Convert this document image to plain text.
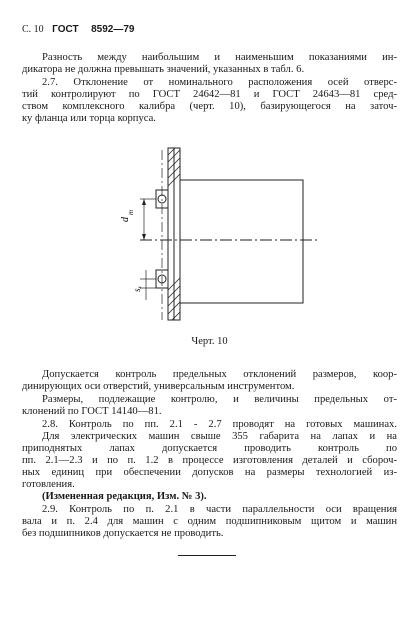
С. 10 ГОСТ 8592—79
Разность между наибольшим и наименьшим показаниями ин-
дикатора не должна превышать значений, указанных в табл. 6.
2.7. Отклонение от номинального расположения осей отверс-
тий контролируют по ГОСТ 24642—81 и ГОСТ 24643—81 сред-
ством комплексного калибра (черт. 10), базирующегося на заточ-
ку фланца или торца корпуса.
d
m
sₓ
Черт. 10
Допускается контроль предельных отклонений размеров, коор-
динирующих оси отверстий, универсальным инструментом.
Размеры, подлежащие контролю, и величины предельных от-
клонений по ГОСТ 14140—81.
2.8. Контроль по пп. 2.1 - 2.7 проводят на готовых машинах.
Для электрических машин свыше 355 габарита на лапах и на
приподнятых лапах допускается проводить контроль по
пп. 2.1—2.3 и по п. 1.2 в процессе изготовления деталей и сбороч-
ных единиц при обеспечении допусков на размеры технологией из-
готовления.
(Измененная редакция, Изм. № 3).
2.9. Контроль по п. 2.1 в части параллельности оси вращения
вала и п. 2.4 для машин с одним подшипниковым щитом и машин
без подшипников допускается не проводить.
